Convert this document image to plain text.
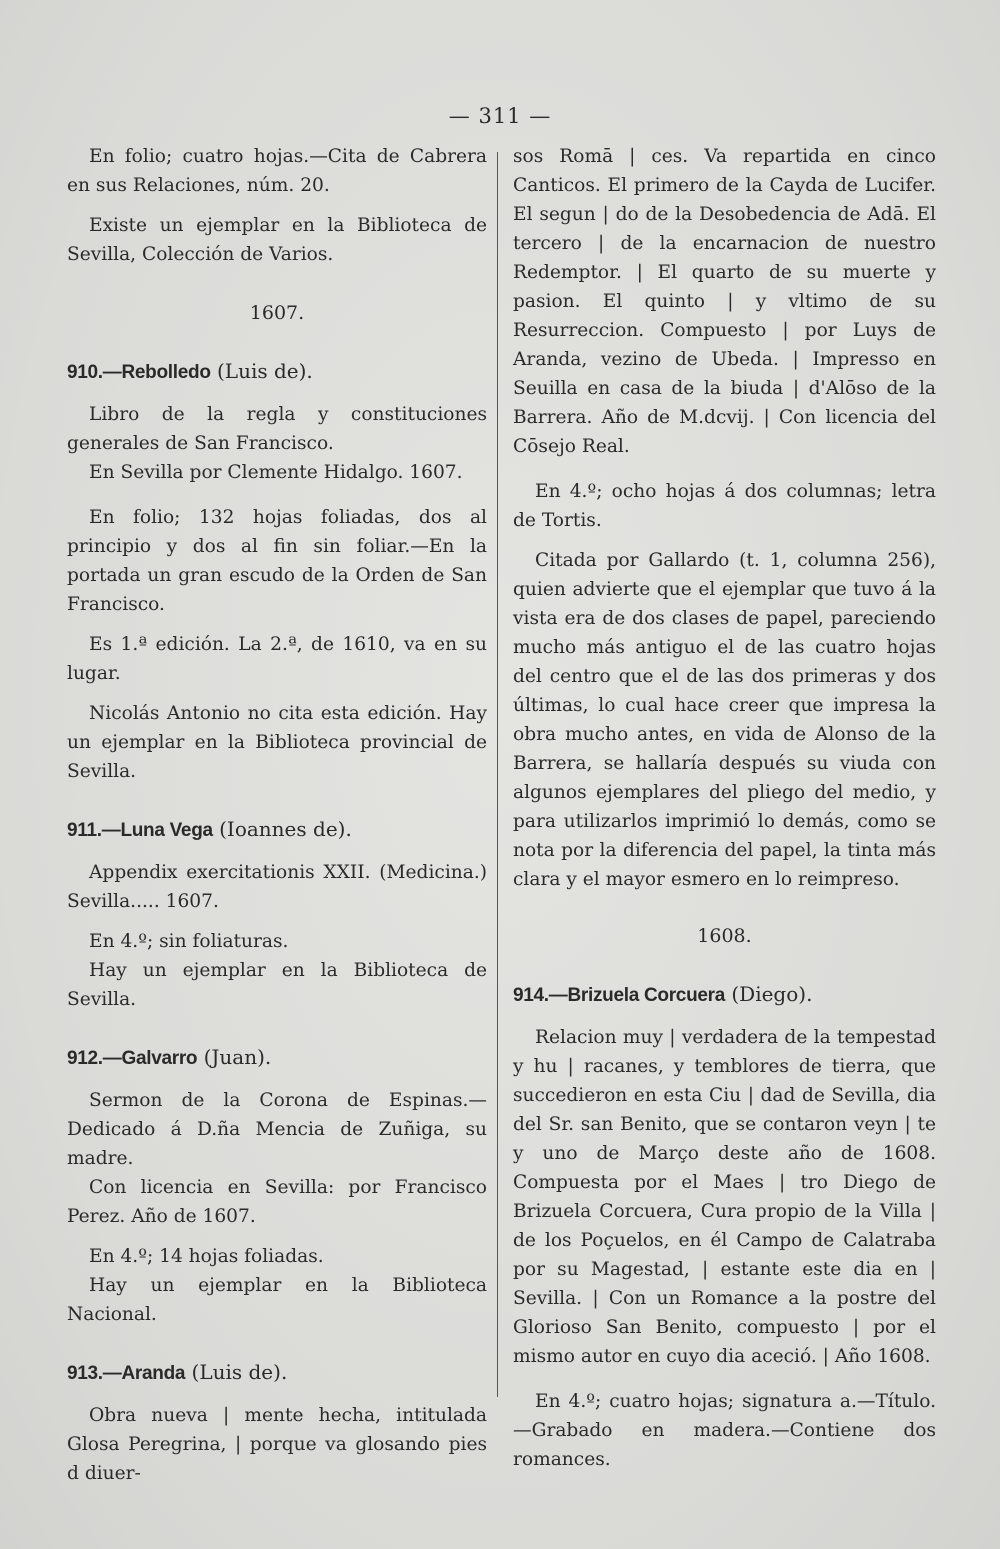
— 311 —

En folio; cuatro hojas.—Cita de Cabrera en sus Relaciones, núm. 20.

Existe un ejemplar en la Biblioteca de Sevilla, Colección de Varios.

1607.
910.—Rebolledo (Luis de).

Libro de la regla y constituciones generales de San Francisco.

En Sevilla por Clemente Hidalgo. 1607.

En folio; 132 hojas foliadas, dos al principio y dos al fin sin foliar.—En la portada un gran escudo de la Orden de San Francisco.

Es 1.ª edición. La 2.ª, de 1610, va en su lugar.

Nicolás Antonio no cita esta edición. Hay un ejemplar en la Biblioteca provincial de Sevilla.

911.—Luna Vega (Ioannes de).

Appendix exercitationis XXII. (Medicina.) Sevilla..... 1607.

En 4.º; sin foliaturas.

Hay un ejemplar en la Biblioteca de Sevilla.

912.—Galvarro (Juan).

Sermon de la Corona de Espinas.—Dedicado á D.ña Mencia de Zuñiga, su madre.

Con licencia en Sevilla: por Francisco Perez. Año de 1607.

En 4.º; 14 hojas foliadas.

Hay un ejemplar en la Biblioteca Nacional.

913.—Aranda (Luis de).

Obra nueva | mente hecha, intitulada Glosa Peregrina, | porque va glosando pies d diuer-

sos Romā | ces. Va repartida en cinco Canticos. El primero de la Cayda de Lucifer. El segun | do de la Desobedencia de Adā. El tercero | de la encarnacion de nuestro Redemptor. | El quarto de su muerte y pasion. El quinto | y vltimo de su Resurreccion. Compuesto | por Luys de Aranda, vezino de Ubeda. | Impresso en Seuilla en casa de la biuda | d'Alōso de la Barrera. Año de M.dcvij. | Con licencia del Cōsejo Real.

En 4.º; ocho hojas á dos columnas; letra de Tortis.

Citada por Gallardo (t. 1, columna 256), quien advierte que el ejemplar que tuvo á la vista era de dos clases de papel, pareciendo mucho más antiguo el de las cuatro hojas del centro que el de las dos primeras y dos últimas, lo cual hace creer que impresa la obra mucho antes, en vida de Alonso de la Barrera, se hallaría después su viuda con algunos ejemplares del pliego del medio, y para utilizarlos imprimió lo demás, como se nota por la diferencia del papel, la tinta más clara y el mayor esmero en lo reimpreso.

1608.
914.—Brizuela Corcuera (Diego).

Relacion muy | verdadera de la tempestad y hu | racanes, y temblores de tierra, que succedieron en esta Ciu | dad de Sevilla, dia del Sr. san Benito, que se contaron veyn | te y uno de Março deste año de 1608. Compuesta por el Maes | tro Diego de Brizuela Corcuera, Cura propio de la Villa | de los Poçuelos, en él Campo de Calatraba por su Magestad, | estante este dia en | Sevilla. | Con un Romance a la postre del Glorioso San Benito, compuesto | por el mismo autor en cuyo dia aceció. | Año 1608.

En 4.º; cuatro hojas; signatura a.—Título.—Grabado en madera.—Contiene dos romances.
